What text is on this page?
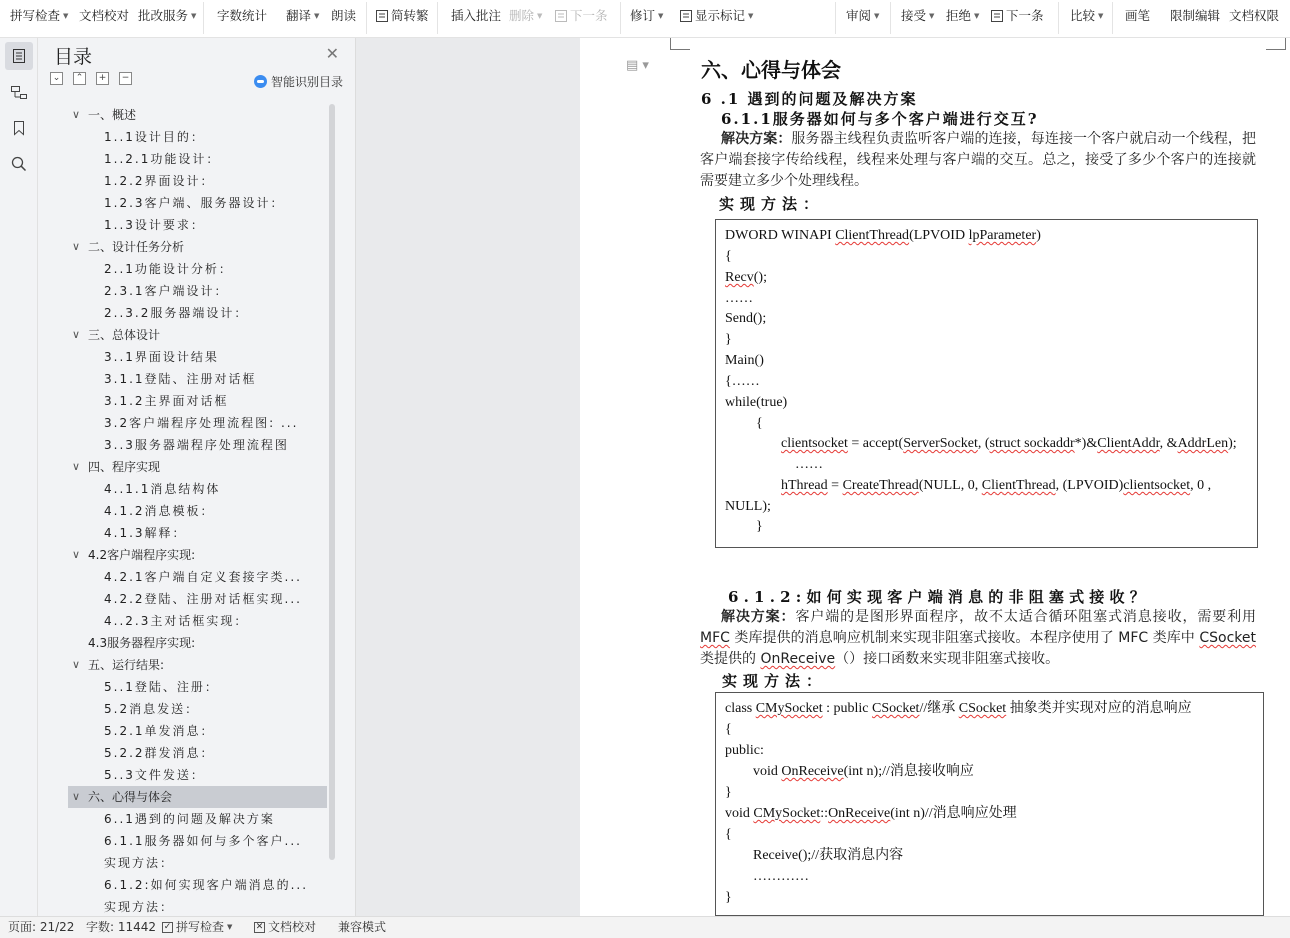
拼写检查 ▼ 文档校对 批改服务 ▼ 字数统计 翻译 ▼ 朗读	简转繁 插入批注 删除 ▼ 下一条 修订 ▼	显示标记 ▼	审阅 ▼ 接受 ▼ 拒绝 ▼ 下一条 比较 ▼ 画笔 限制编辑 文档权限
目录	✕
⌄	⌃	+	−	智能识别目录
∨ 一、概述
1..1设计目的：
1..2.1功能设计：
1.2.2界面设计：
1.2.3客户端、服务器设计：
1..3设计要求：
∨ 二、设计任务分析
2..1功能设计分析：
2.3.1客户端设计：
2..3.2服务器端设计：
∨ 三、总体设计
3..1界面设计结果
3.1.1登陆、注册对话框
3.1.2主界面对话框
3.2客户端程序处理流程图: ...
3..3服务器端程序处理流程图
∨ 四、程序实现
4..1.1消息结构体
4.1.2消息模板：
4.1.3解释：
∨ 4.2客户端程序实现:
4.2.1客户端自定义套接字类...
4.2.2登陆、注册对话框实现...
4..2.3主对话框实现：
4.3服务器程序实现:
∨ 五、运行结果:
5..1登陆、注册：
5.2消息发送：
5.2.1单发消息：
5.2.2群发消息：
5..3文件发送：
∨ 六、心得与体会
6..1遇到的问题及解决方案
6.1.1服务器如何与多个客户...
实现方法：
6.1.2:如何实现客户端消息的...
实现方法：
▤ ▾	六、心得与体会
6 .1 遇到的问题及解决方案
6.1.1服务器如何与多个客户端进行交互?
解决方案：服务器主线程负责监听客户端的连接，每连接一个客户就启动一个线程，把客户端套接字传给线程，线程来处理与客户端的交互。总之，接受了多少个客户的连接就需要建立多少个处理线程。
实现方法：
DWORD WINAPI ClientThread(LPVOID lpParameter)
{
Recv();
……
Send();
}
Main()
{……
while(true)
{
clientsocket = accept(ServerSocket, (struct sockaddr*)&ClientAddr, &AddrLen);
……
hThread = CreateThread(NULL, 0, ClientThread, (LPVOID)clientsocket, 0 ,
NULL);
}
6.1.2:如何实现客户端消息的非阻塞式接收？
解决方案：客户端的是图形界面程序，故不太适合循环阻塞式消息接收，需要利用 MFC 类库提供的消息响应机制来实现非阻塞式接收。本程序使用了 MFC 类库中 CSocket 类提供的 OnReceive（）接口函数来实现非阻塞式接收。
实现方法：
class CMySocket : public CSocket//继承 CSocket 抽象类并实现对应的消息响应
{
public:
void OnReceive(int n);//消息接收响应
}
void CMySocket::OnReceive(int n)//消息响应处理
{
Receive();//获取消息内容
…………
}
页面: 21/22 字数: 11442 ✓ 拼写检查 ▼	✕ 文档校对 兼容模式
